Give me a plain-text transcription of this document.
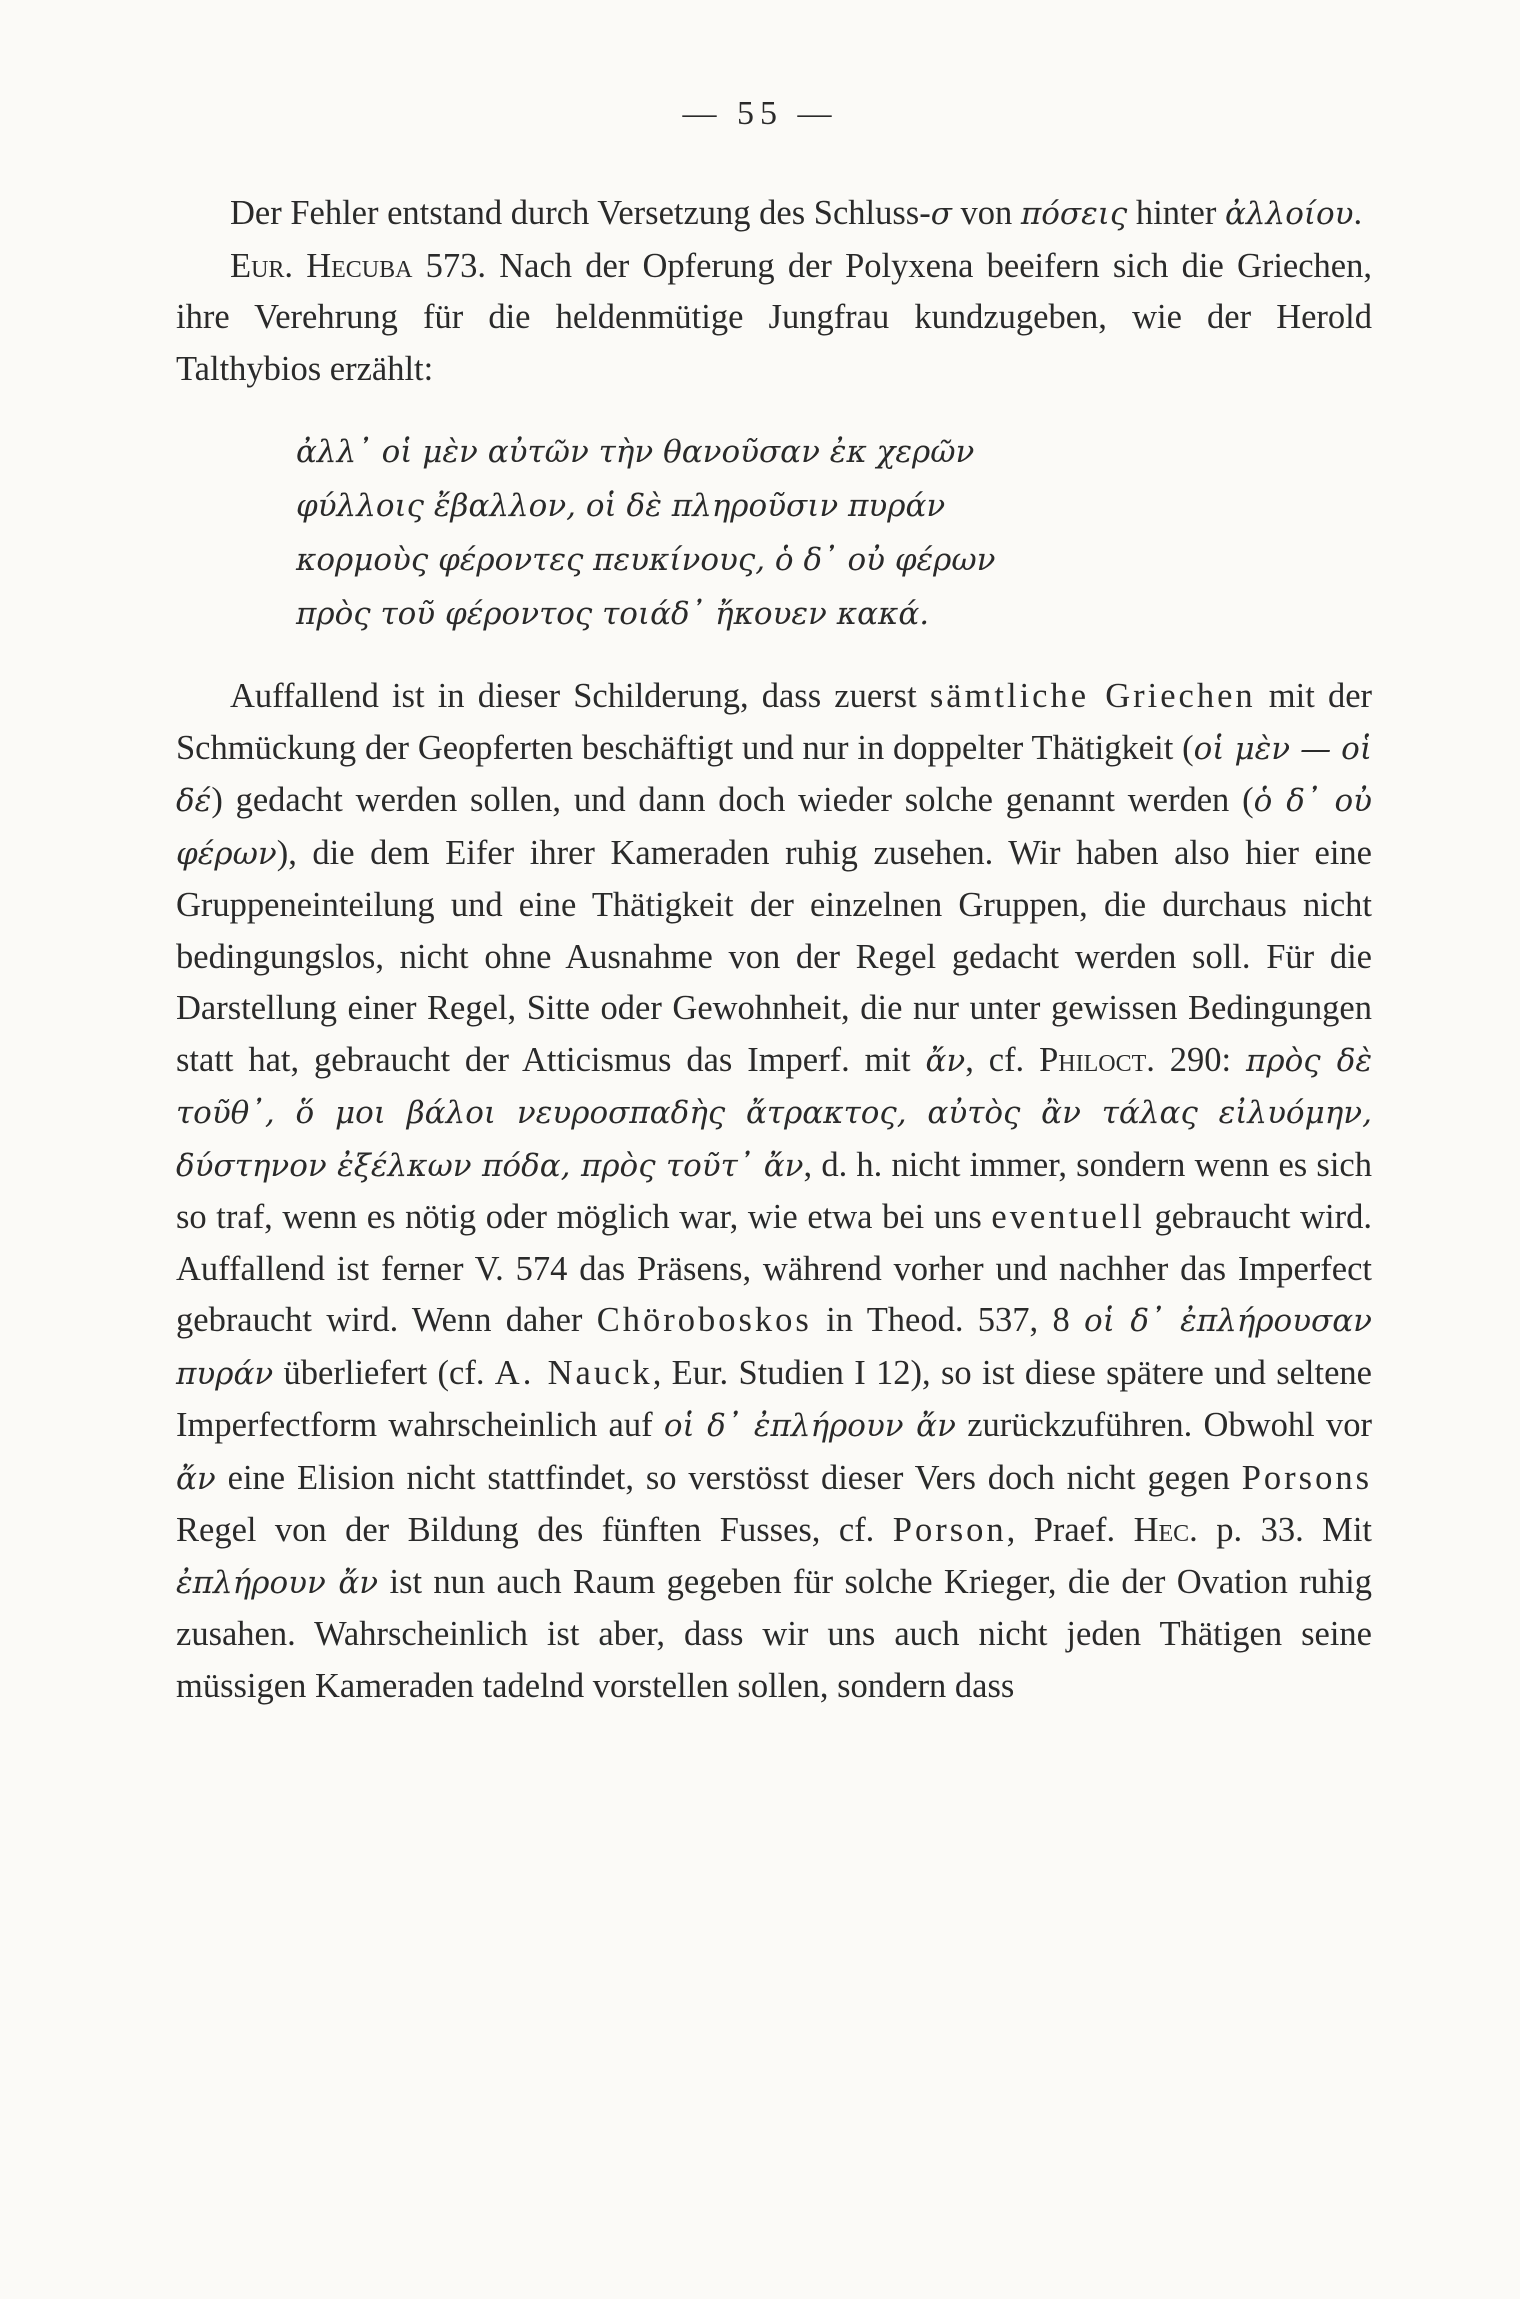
— 55 —

Der Fehler entstand durch Versetzung des Schluss-σ von πόσεις hinter ἀλλοίου.

Eur. Hecuba 573. Nach der Opferung der Polyxena beeifern sich die Griechen, ihre Verehrung für die heldenmütige Jungfrau kundzugeben, wie der Herold Talthybios erzählt:

ἀλλ᾽ οἱ μὲν αὐτῶν τὴν θανοῦσαν ἐκ χερῶν
φύλλοις ἔβαλλον, οἱ δὲ πληροῦσιν πυράν
κορμοὺς φέροντες πευκίνους, ὁ δ᾽ οὐ φέρων
πρὸς τοῦ φέροντος τοιάδ᾽ ἤκουεν κακά.

Auffallend ist in dieser Schilderung, dass zuerst sämtliche Griechen mit der Schmückung der Geopferten beschäftigt und nur in doppelter Thätigkeit (οἱ μὲν — οἱ δέ) gedacht werden sollen, und dann doch wieder solche genannt werden (ὁ δ᾽ οὐ φέρων), die dem Eifer ihrer Kameraden ruhig zusehen. Wir haben also hier eine Gruppeneinteilung und eine Thätigkeit der einzelnen Gruppen, die durchaus nicht bedingungslos, nicht ohne Ausnahme von der Regel gedacht werden soll. Für die Darstellung einer Regel, Sitte oder Gewohnheit, die nur unter gewissen Bedingungen statt hat, gebraucht der Atticismus das Imperf. mit ἄν, cf. Philoct. 290: πρὸς δὲ τοῦθ᾽, ὅ μοι βάλοι νευροσπαδὴς ἄτρακτος, αὐτὸς ἂν τάλας εἰλυόμην, δύστηνον ἐξέλκων πόδα, πρὸς τοῦτ᾽ ἄν, d. h. nicht immer, sondern wenn es sich so traf, wenn es nötig oder möglich war, wie etwa bei uns eventuell gebraucht wird. Auffallend ist ferner V. 574 das Präsens, während vorher und nachher das Imperfect gebraucht wird. Wenn daher Chöroboskos in Theod. 537, 8 οἱ δ᾽ ἐπλήρουσαν πυράν überliefert (cf. A. Nauck, Eur. Studien I 12), so ist diese spätere und seltene Imperfectform wahrscheinlich auf οἱ δ᾽ ἐπλήρουν ἄν zurückzuführen. Obwohl vor ἄν eine Elision nicht stattfindet, so verstösst dieser Vers doch nicht gegen Porsons Regel von der Bildung des fünften Fusses, cf. Porson, Praef. Hec. p. 33. Mit ἐπλήρουν ἄν ist nun auch Raum gegeben für solche Krieger, die der Ovation ruhig zusahen. Wahrscheinlich ist aber, dass wir uns auch nicht jeden Thätigen seine müssigen Kameraden tadelnd vorstellen sollen, sondern dass
